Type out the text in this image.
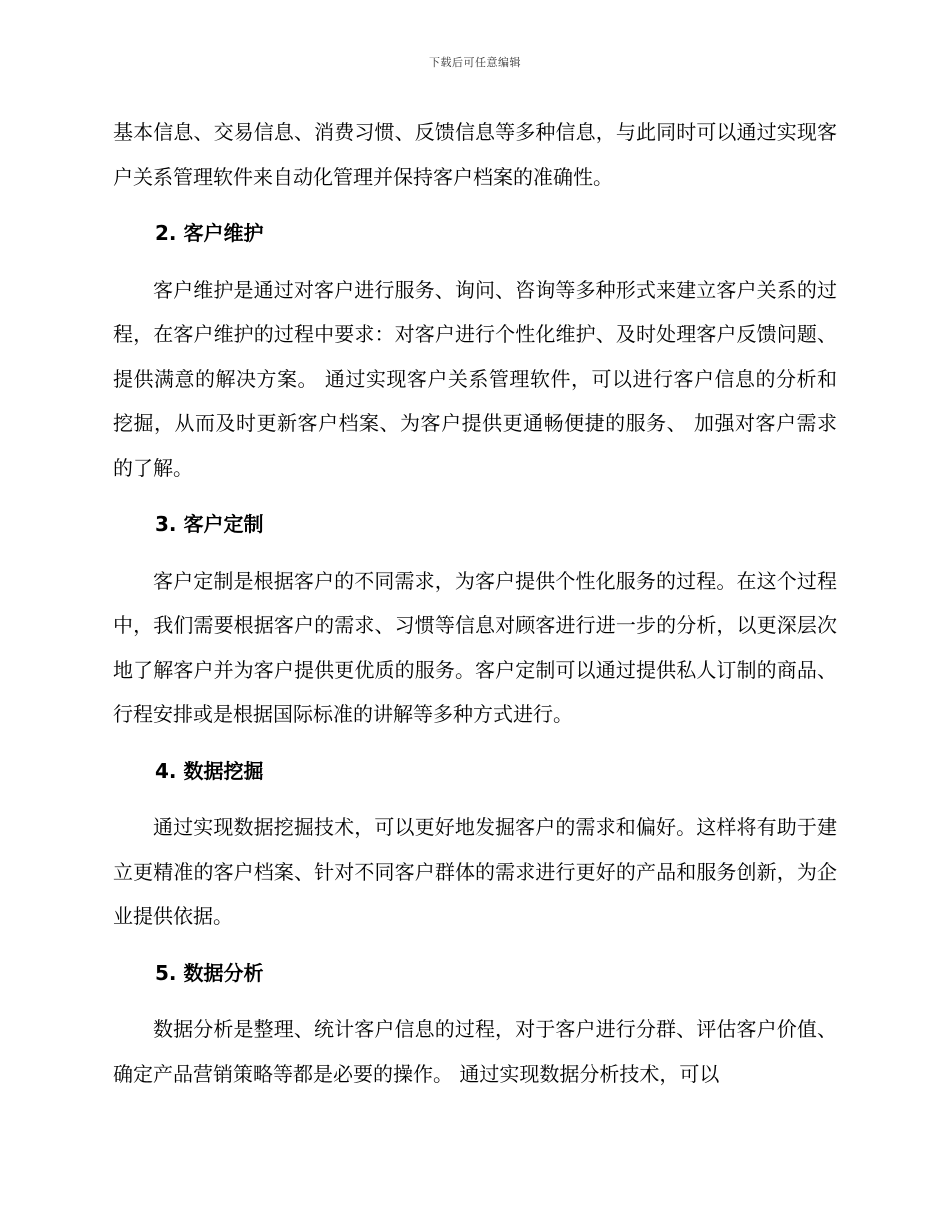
下载后可任意编辑

基本信息、交易信息、消费习惯、反馈信息等多种信息，与此同时可以通过实现客户关系管理软件来自动化管理并保持客户档案的准确性。

2. 客户维护

客户维护是通过对客户进行服务、询问、咨询等多种形式来建立客户关系的过程，在客户维护的过程中要求：对客户进行个性化维护、及时处理客户反馈问题、提供满意的解决方案。 通过实现客户关系管理软件，可以进行客户信息的分析和挖掘，从而及时更新客户档案、为客户提供更通畅便捷的服务、 加强对客户需求的了解。

3. 客户定制

客户定制是根据客户的不同需求，为客户提供个性化服务的过程。在这个过程中，我们需要根据客户的需求、习惯等信息对顾客进行进一步的分析，以更深层次地了解客户并为客户提供更优质的服务。客户定制可以通过提供私人订制的商品、行程安排或是根据国际标准的讲解等多种方式进行。

4. 数据挖掘

通过实现数据挖掘技术，可以更好地发掘客户的需求和偏好。这样将有助于建立更精准的客户档案、针对不同客户群体的需求进行更好的产品和服务创新，为企业提供依据。

5. 数据分析

数据分析是整理、统计客户信息的过程，对于客户进行分群、评估客户价值、确定产品营销策略等都是必要的操作。 通过实现数据分析技术，可以
